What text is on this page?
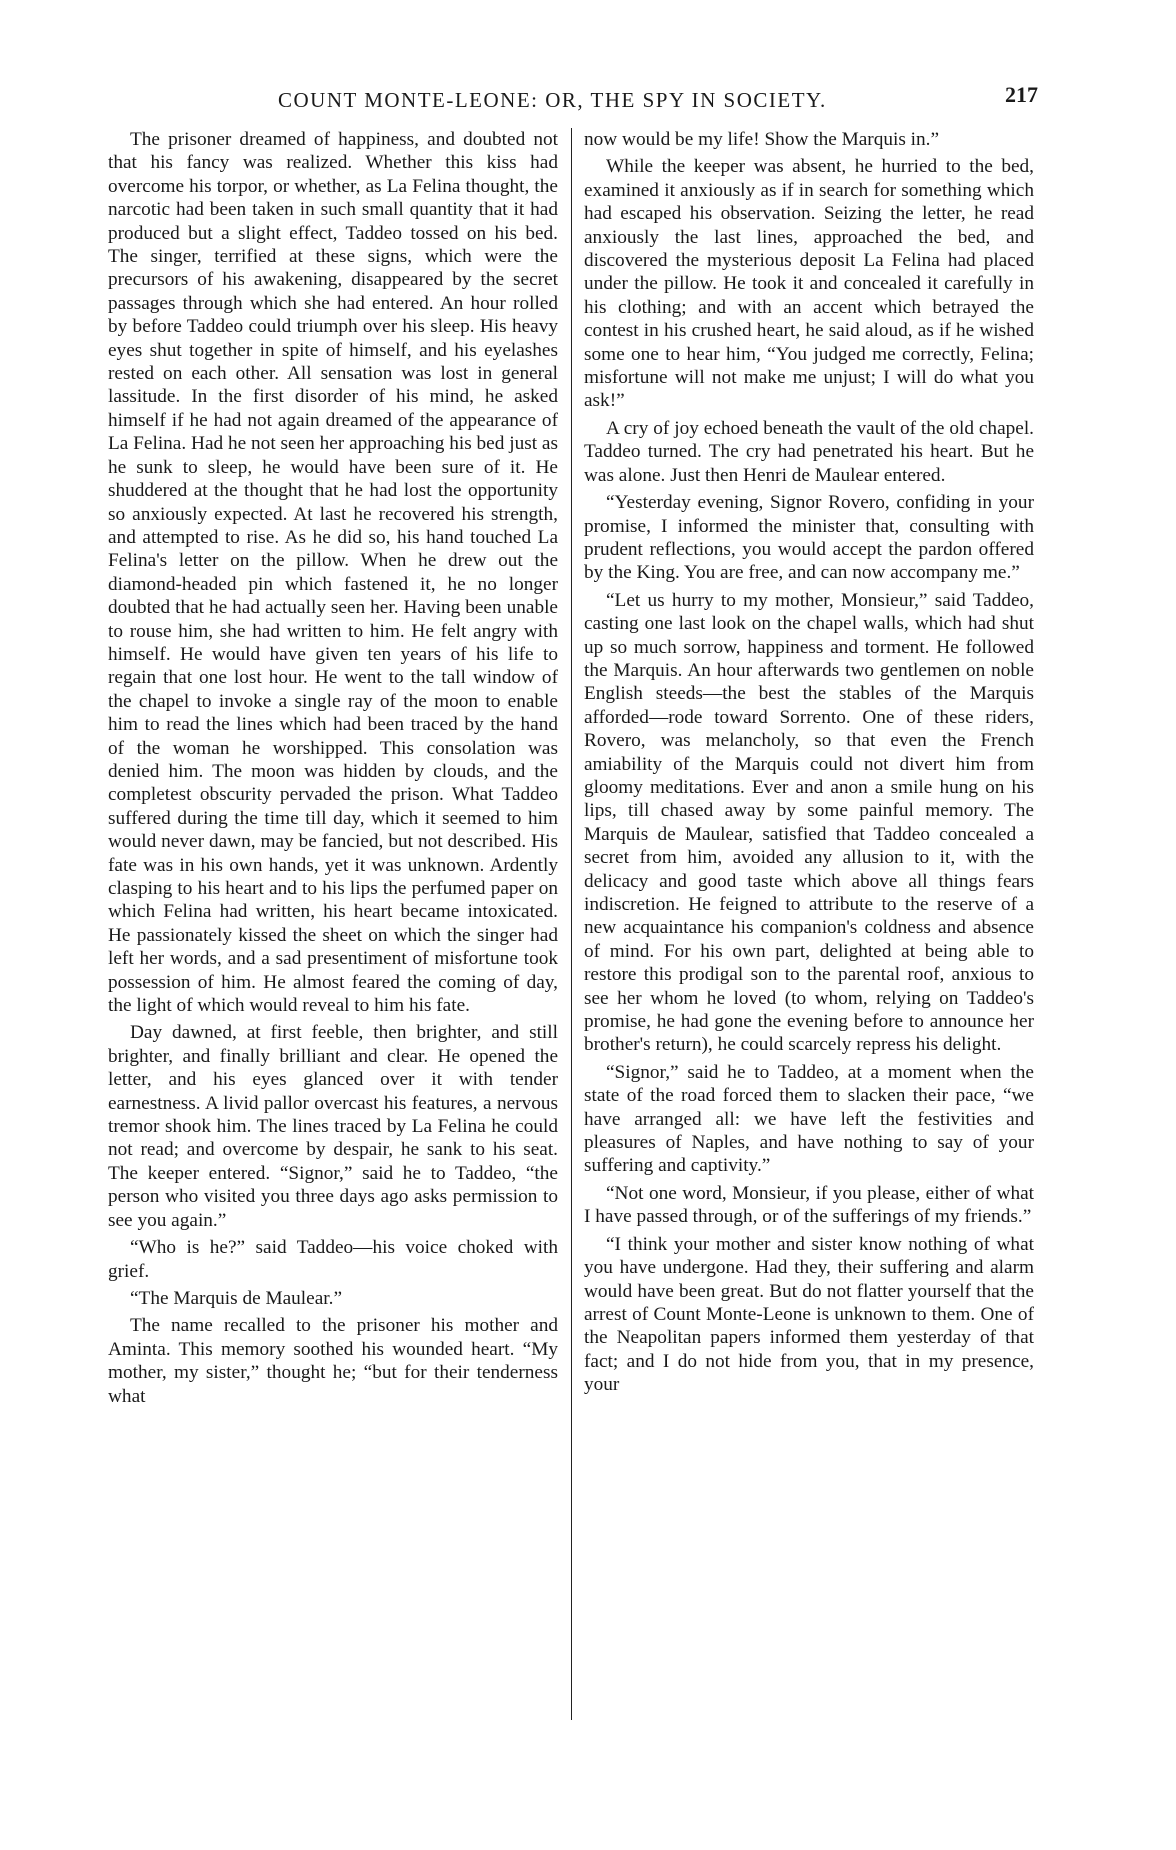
COUNT MONTE-LEONE: OR, THE SPY IN SOCIETY.	217

The prisoner dreamed of happiness, and doubted not that his fancy was realized. Whether this kiss had overcome his torpor, or whether, as La Felina thought, the narcotic had been taken in such small quantity that it had produced but a slight effect, Taddeo tossed on his bed. The singer, terrified at these signs, which were the precursors of his awakening, disappeared by the secret passages through which she had entered. An hour rolled by before Taddeo could triumph over his sleep. His heavy eyes shut together in spite of himself, and his eyelashes rested on each other. All sensation was lost in general lassitude. In the first disorder of his mind, he asked himself if he had not again dreamed of the appearance of La Felina. Had he not seen her approaching his bed just as he sunk to sleep, he would have been sure of it. He shuddered at the thought that he had lost the opportunity so anxiously expected. At last he recovered his strength, and attempted to rise. As he did so, his hand touched La Felina's letter on the pillow. When he drew out the diamond-headed pin which fastened it, he no longer doubted that he had actually seen her. Having been unable to rouse him, she had written to him. He felt angry with himself. He would have given ten years of his life to regain that one lost hour. He went to the tall window of the chapel to invoke a single ray of the moon to enable him to read the lines which had been traced by the hand of the woman he worshipped. This consolation was denied him. The moon was hidden by clouds, and the completest obscurity pervaded the prison. What Taddeo suffered during the time till day, which it seemed to him would never dawn, may be fancied, but not described. His fate was in his own hands, yet it was unknown. Ardently clasping to his heart and to his lips the perfumed paper on which Felina had written, his heart became intoxicated. He passionately kissed the sheet on which the singer had left her words, and a sad presentiment of misfortune took possession of him. He almost feared the coming of day, the light of which would reveal to him his fate.

Day dawned, at first feeble, then brighter, and still brighter, and finally brilliant and clear. He opened the letter, and his eyes glanced over it with tender earnestness. A livid pallor overcast his features, a nervous tremor shook him. The lines traced by La Felina he could not read; and overcome by despair, he sank to his seat. The keeper entered. “Signor,” said he to Taddeo, “the person who visited you three days ago asks permission to see you again.”

“Who is he?” said Taddeo—his voice choked with grief.

“The Marquis de Maulear.”

The name recalled to the prisoner his mother and Aminta. This memory soothed his wounded heart. “My mother, my sister,” thought he; “but for their tenderness what

now would be my life! Show the Marquis in.”

While the keeper was absent, he hurried to the bed, examined it anxiously as if in search for something which had escaped his observation. Seizing the letter, he read anxiously the last lines, approached the bed, and discovered the mysterious deposit La Felina had placed under the pillow. He took it and concealed it carefully in his clothing; and with an accent which betrayed the contest in his crushed heart, he said aloud, as if he wished some one to hear him, “You judged me correctly, Felina; misfortune will not make me unjust; I will do what you ask!”

A cry of joy echoed beneath the vault of the old chapel. Taddeo turned. The cry had penetrated his heart. But he was alone. Just then Henri de Maulear entered.

“Yesterday evening, Signor Rovero, confiding in your promise, I informed the minister that, consulting with prudent reflections, you would accept the pardon offered by the King. You are free, and can now accompany me.”

“Let us hurry to my mother, Monsieur,” said Taddeo, casting one last look on the chapel walls, which had shut up so much sorrow, happiness and torment. He followed the Marquis. An hour afterwards two gentlemen on noble English steeds—the best the stables of the Marquis afforded—rode toward Sorrento. One of these riders, Rovero, was melancholy, so that even the French amiability of the Marquis could not divert him from gloomy meditations. Ever and anon a smile hung on his lips, till chased away by some painful memory. The Marquis de Maulear, satisfied that Taddeo concealed a secret from him, avoided any allusion to it, with the delicacy and good taste which above all things fears indiscretion. He feigned to attribute to the reserve of a new acquaintance his companion's coldness and absence of mind. For his own part, delighted at being able to restore this prodigal son to the parental roof, anxious to see her whom he loved (to whom, relying on Taddeo's promise, he had gone the evening before to announce her brother's return), he could scarcely repress his delight.

“Signor,” said he to Taddeo, at a moment when the state of the road forced them to slacken their pace, “we have arranged all: we have left the festivities and pleasures of Naples, and have nothing to say of your suffering and captivity.”

“Not one word, Monsieur, if you please, either of what I have passed through, or of the sufferings of my friends.”

“I think your mother and sister know nothing of what you have undergone. Had they, their suffering and alarm would have been great. But do not flatter yourself that the arrest of Count Monte-Leone is unknown to them. One of the Neapolitan papers informed them yesterday of that fact; and I do not hide from you, that in my presence, your
